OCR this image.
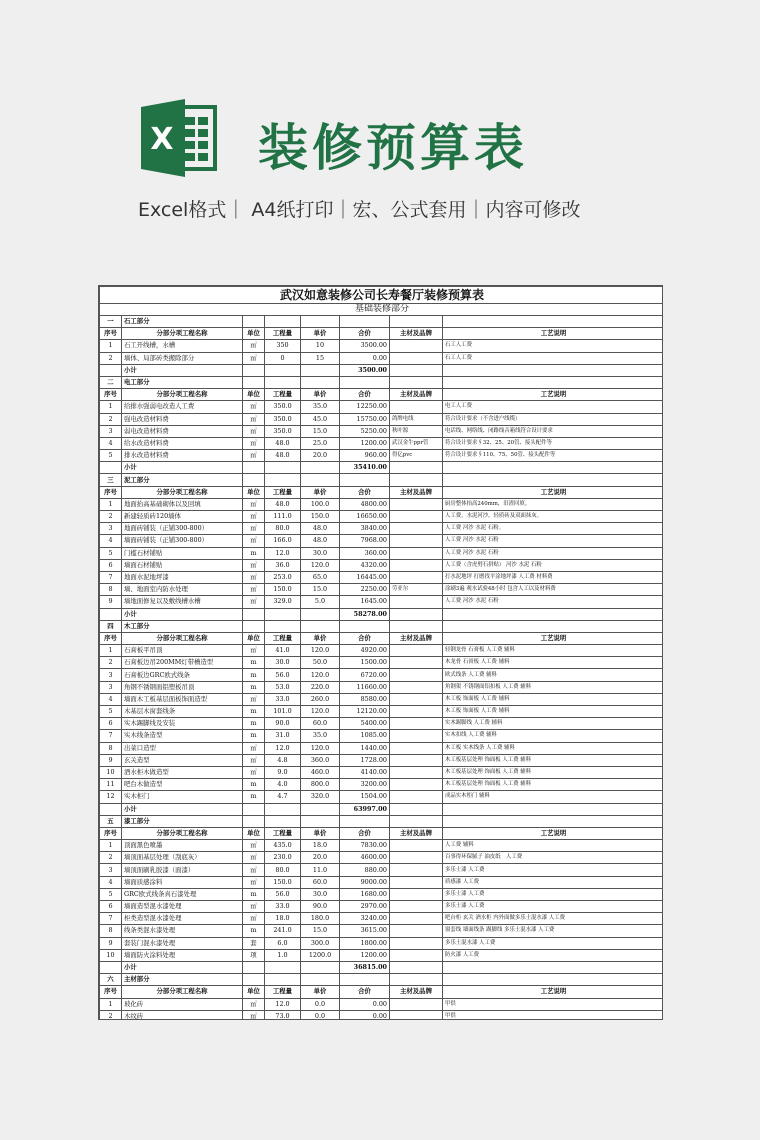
X 装修预算表
Excel格式｜ A4纸打印｜宏、公式套用｜内容可修改
武汉如意装修公司长寿餐厅装修预算表							
基础装修部分							
一	石工部分						
序号	分部分项工程名称	单位	工程量	单价	合价	主材及品牌	工艺说明
1	石工开线槽，水槽	㎡	350	10	3500.00		石工人工费
2	墙体、局部砖类搬除部分	㎡	0	15	0.00		石工人工费
	小计				3500.00		
二	电工部分						
序号	分部分项工程名称	单位	工程量	单价	合价	主材及品牌	工艺说明
1	给排水强弱电改造人工费	㎡	350.0	35.0	12250.00		电工人工费
2	强电改造材料费	㎡	350.0	45.0	15750.00	鸽牌电线	符合设计要求（不含进户线缆）
3	弱电改造材料费	㎡	350.0	15.0	5250.00	秋叶源	电话线、网络线、闭路线音箱线符合设计要求
4	给水改造材料费	㎡	48.0	25.0	1200.00	武汉金牛ppr管	符合设计要求∮32、25、20管、接头配件等
5	排水改造材料费	㎡	48.0	20.0	960.00	得亿pvc	符合设计要求∮110、75、50管、接头配件等
	小计				35410.00		
三	泥工部分						
序号	分部分项工程名称	单位	工程量	单价	合价	主材及品牌	工艺说明
1	地面抬高基础砌体以及回填	㎡	48.0	100.0	4800.00		厨房整体抬高240mm，旧渣回填。
2	新建轻质砖120墙体	㎡	111.0	150.0	16650.00		人工费，水泥河沙，轻质砖及双面抹灰。
3	地面砖铺装（正铺300-800）	㎡	80.0	48.0	3840.00		人工费 河沙 水泥 石粉。
4	墙面砖铺装（正铺300-800）	㎡	166.0	48.0	7968.00		人工费 河沙 水泥 石粉
5	门槛石材铺贴	m	12.0	30.0	360.00		人工费 河沙 水泥 石粉
6	墙面石材铺贴	㎡	36.0	120.0	4320.00		人工费（含虎劈石拼贴） 河沙 水泥 石粉
7	地面水泥地坪漆	㎡	253.0	65.0	16445.00		打水泥地坪 打磨找平涂地坪漆 人工费 材料费
8	墙、地面室内防水处理	㎡	150.0	15.0	2250.00	劳亚尔	涂刷3遍 观水试验48小时 包含人工以及材料费
9	墙地面修复以及敷线槽水槽	㎡	329.0	5.0	1645.00		人工费 河沙 水泥 石粉
	小计				58278.00		
四	木工部分						
序号	分部分项工程名称	单位	工程量	单价	合价	主材及品牌	工艺说明
1	石膏板平吊顶	㎡	41.0	120.0	4920.00		轻钢龙骨 石膏板 人工费 辅料
2	石膏板边吊200MM灯带槽造型	m	30.0	50.0	1500.00		木龙骨 石膏板 人工费 辅料
3	石膏板边GRC欧式线条	m	56.0	120.0	6720.00		欧式线条 人工费 辅料
3	角钢不锈钢面铝塑板吊顶	m	53.0	220.0	11660.00		角钢架 不锈钢面铝扣板 人工费 辅料
4	墙面木工板基层面板饰面造型	㎡	33.0	260.0	8580.00		木工板 饰面板 人工费 辅料
5	木基层木窗套线条	m	101.0	120.0	12120.00		木工板 饰面板 人工费 辅料
6	实木踢脚线及安装	m	90.0	60.0	5400.00		实木踢脚线 人工费 辅料
7	实木线条造型	m	31.0	35.0	1085.00		实木扣线 人工费 辅料
8	出菜口造型	㎡	12.0	120.0	1440.00		木工板 实木线条 人工费 辅料
9	玄关造型	㎡	4.8	360.0	1728.00		木工板基层处理 饰面板 人工费 辅料
10	酒水柜木做造型	㎡	9.0	460.0	4140.00		木工板基层处理 饰面板 人工费 辅料
11	吧台木做造型	m	4.0	800.0	3200.00		木工板基层处理 饰面板 人工费 辅料
12	实木柜门	m	4.7	320.0	1504.00		成品实木柜门 辅料
	小计				63997.00		
五	漆工部分						
序号	分部分项工程名称	单位	工程量	单价	合价	主材及品牌	工艺说明
1	顶面黑色喷墨	㎡	435.0	18.0	7830.00		人工费 辅料
2	墙顶面基层处理（刮底灰）	㎡	230.0	20.0	4600.00		百事得环保腻子 油皮纸　人工费
3	墙顶面刷乳胶漆（面漆）	㎡	80.0	11.0	880.00		多乐士漆 人工费
4	墙面质感涂料	㎡	150.0	60.0	9000.00		质感漆 人工费
5	GRC欧式线条真石漆处理	m	56.0	30.0	1680.00		多乐士漆 人工费
6	墙面造型混水漆处理	㎡	33.0	90.0	2970.00		多乐士漆 人工费
7	柜类造型混水漆处理	㎡	18.0	180.0	3240.00		吧台柜 玄关 酒水柜 内外面做多乐士混水漆 人工费
8	线条类混水漆处理	m	241.0	15.0	3615.00		窗套线 墙面线条 踢脚线 多乐士混水漆 人工费
9	套装门混水漆处理	套	6.0	300.0	1800.00		多乐士混水漆 人工费
10	墙面防火涂料处理	项	1.0	1200.0	1200.00		防火漆 人工费
	小计				36815.00		
六	主材部分						
序号	分部分项工程名称	单位	工程量	单价	合价	主材及品牌	工艺说明
1	玻化砖	㎡	12.0	0.0	0.00		甲供
2	木纹砖	㎡	73.0	0.0	0.00		甲供
